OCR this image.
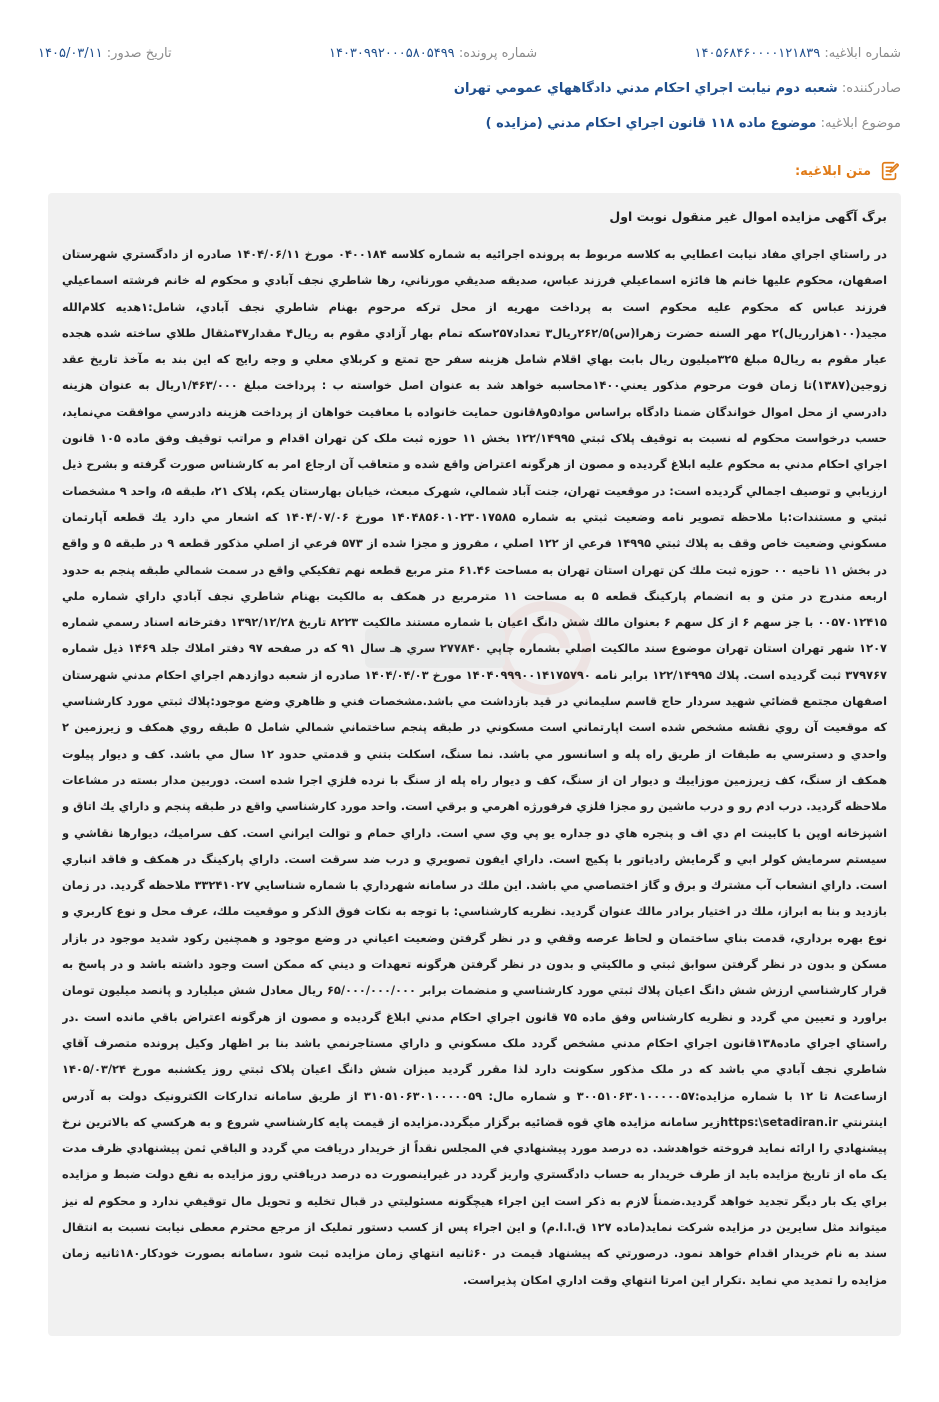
شماره ابلاغيه: ۱۴۰۵۶۸۴۶۰۰۰۰۱۲۱۸۳۹
شماره پرونده: ۱۴۰۳۰۹۹۲۰۰۰۵۸۰۵۴۹۹
تاريخ صدور: ۱۴۰۵/۰۳/۱۱
صادرکننده: شعبه دوم نيابت اجراي احكام مدني دادگاههاي عمومي تهران
موضوع ابلاغيه: موضوع ماده ۱۱۸ قانون اجراي احکام مدني (مزايده )
متن ابلاغيه:

برگ آگهی مزايده اموال غير منقول نوبت اول

در راستاي اجراي مفاد نيابت اعطايي به کلاسه مربوط به پرونده اجرائيه به شماره کلاسه ۰۴۰۰۱۸۴ مورخ ۱۴۰۴/۰۶/۱۱ صادره از دادگستري شهرستان اصفهان، محکوم عليها خانم ها فائزه اسماعيلي فرزند عباس، صديقه صديقي مورناني، رها شاطري نجف آبادي و محکوم له خانم فرشته اسماعيلي فرزند عباس که محکوم عليه محکوم است به پرداخت مهريه از محل ترکه مرحوم بهنام شاطري نجف آبادي، شامل:۱هديه كلام‌الله مجيد(۱۰۰هزارريال)۲ مهر السنه حضرت زهرا(س)۲۶۲/۵ريال۳ تعداد۲۵۷سکه تمام بهار آزادي مقوم به ريال۴ مقدار۴۷مثقال طلاي ساخته شده هجده عيار مقوم به ريال۵ مبلغ ۳۲۵ميليون ريال بابت بهاي اقلام شامل هزينه سفر حج تمتع و کربلاي معلي و وجه رايج که اين بند به مآخذ تاريخ عقد زوجين(۱۳۸۷)تا زمان فوت مرحوم مذكور يعني۱۴۰۰محاسبه خواهد شد به عنوان اصل خواسته ب : پرداخت مبلغ ۱/۴۶۳/۰۰۰ريال به عنوان هزينه دادرسي از محل اموال خواندگان ضمنا دادگاه براساس مواد۵و۸قانون حمايت خانواده با معافيت خواهان از پرداخت هزينه دادرسي موافقت مي‌نمايد، حسب درخواست محکوم له نسبت به توقيف پلاک ثبتي ۱۲۲/۱۴۹۹۵ بخش ۱۱ حوزه ثبت ملک کن تهران اقدام و مراتب توقيف وفق ماده ۱۰۵ قانون اجراي احکام مدني به محکوم عليه ابلاغ گرديده و مصون از هرگونه اعتراض واقع شده و متعاقب آن ارجاع امر به کارشناس صورت گرفته و بشرح ذيل ارزيابي و توصيف اجمالي گرديده است: در موقعيت تهران، جنت آباد شمالي، شهرک مبعث، خيابان بهارستان يکم، پلاک ۲۱، طبقه ۵، واحد ۹ مشخصات ثبتي و مستندات:با ملاحظه تصوير نامه وضعيت ثبتي به شماره ۱۴۰۴۸۵۶۰۱۰۲۳۰۱۷۵۸۵ مورخ ۱۴۰۴/۰۷/۰۶ که اشعار مي دارد يك قطعه آپارتمان مسکوني وضعيت خاص وقف به پلاك ثبتي ۱۴۹۹۵ فرعي از ۱۲۲ اصلي ، مفروز و مجزا شده از ۵۷۳ فرعي از اصلي مذكور قطعه ۹ در طبقه ۵ و واقع در بخش ۱۱ ناحيه ۰۰ حوزه ثبت ملك كن تهران استان تهران به مساحت ۶۱.۴۶ متر مربع قطعه نهم تفكيكي واقع در سمت شمالي طبقه پنجم به حدود اربعه مندرج در متن و به انضمام پاركينگ قطعه ۵ به مساحت ۱۱ مترمربع در همكف به مالكيت بهنام شاطري نجف آبادي داراي شماره ملي ۰۰۵۷۰۱۲۴۱۵ با جز سهم ۶ از كل سهم ۶ بعنوان مالك شش دانگ اعيان با شماره مستند مالكيت ۸۲۲۳ تاريخ ۱۳۹۲/۱۲/۲۸ دفترخانه اسناد رسمي شماره ۱۲۰۷ شهر تهران استان تهران موضوع سند مالكيت اصلي بشماره چاپي ۲۷۷۸۴۰ سري هـ سال ۹۱ كه در صفحه ۹۷ دفتر املاك جلد ۱۴۶۹ ذيل شماره ۳۷۹۷۶۷ ثبت گرديده است. پلاك ۱۲۲/۱۴۹۹۵ برابر نامه ۱۴۰۴۰۹۹۹۰۰۱۴۱۷۵۷۹۰ مورخ ۱۴۰۴/۰۴/۰۳ صادره از شعبه دوازدهم اجراي احكام مدني شهرستان اصفهان مجتمع قضائي شهيد سردار حاج قاسم سليماني در قيد بازداشت مي باشد.مشخصات فني و ظاهري وضع موجود:پلاك ثبتي مورد كارشناسي كه موقعيت آن روي نقشه مشخص شده است اپارتماني است مسكوني در طبقه پنجم ساختماني شمالي شامل ۵ طبقه روي همكف و زيرزمين ۲ واحدي و دسترسي به طبقات از طريق راه پله و اسانسور مي باشد. نما سنگ، اسكلت بتني و قدمتي حدود ۱۲ سال مي باشد. كف و ديوار پيلوت همكف از سنگ، كف زيرزمين موزاييك و ديوار ان از سنگ، كف و ديوار راه پله از سنگ با نرده فلزي اجرا شده است. دوربين مدار بسته در مشاعات ملاحظه گرديد. درب ادم رو و درب ماشين رو مجزا فلزي فرفورژه اهرمي و برقي است. واحد مورد كارشناسي واقع در طبقه پنجم و داراي يك اتاق و اشپزخانه اوپن با كابينت ام دي اف و پنجره هاي دو جداره يو پي وي سي است. داراي حمام و توالت ايراني است. كف سراميك، ديوارها نقاشي و سيستم سرمايش كولر ابي و گرمايش رادياتور با پكيج است. داراي ايفون تصويري و درب ضد سرقت است. داراي پاركينگ در همكف و فاقد انباري است. داراي انشعاب آب مشترك و برق و گاز اختصاصي مي باشد. اين ملك در سامانه شهرداري با شماره شناسايي ۳۳۲۴۱۰۲۷ ملاحظه گرديد. در زمان بازديد و بنا به ابراز، ملك در اختيار برادر مالك عنوان گرديد. نظريه كارشناسي: با توجه به نكات فوق الذكر و موقعيت ملك، عرف محل و نوع كاربري و نوع بهره برداري، قدمت بناي ساختمان و لحاظ عرصه وقفي و در نظر گرفتن وضعيت اعياني در وضع موجود و همچنين ركود شديد موجود در بازار مسكن و بدون در نظر گرفتن سوابق ثبتي و مالكيتي و بدون در نظر گرفتن هرگونه تعهدات و ديني كه ممكن است وجود داشته باشد و در پاسخ به قرار كارشناسي ارزش شش دانگ اعيان پلاك ثبتي مورد كارشناسي و منضمات برابر ۶۵/۰۰۰/۰۰۰/۰۰۰ ريال معادل شش ميليارد و پانصد ميليون تومان براورد و تعيين مي گردد و نظريه کارشناس وفق ماده ۷۵ قانون اجراي احکام مدني ابلاغ گرديده و مصون از هرگونه اعتراض باقي مانده است .در راستاي اجراي ماده۱۳۸قانون اجراي احکام مدني مشخص گردد ملک مسکوني و داراي مستاجرنمي باشد بنا بر اظهار وکيل پرونده متصرف آقاي شاطري نجف آبادي مي باشد که در ملک مذکور سکونت دارد لذا مقرر گرديد ميزان شش دانگ اعيان پلاک ثبتي روز يكشنبه مورخ ۱۴۰۵/۰۳/۲۴ ازساعت۸ تا ۱۲ با شماره مزايده:۳۰۰۵۱۰۶۳۰۱۰۰۰۰۰۵۷ و شماره مال: ۳۱۰۵۱۰۶۳۰۱۰۰۰۰۰۵۹ از طريق سامانه تدارکات الکترونيک دولت به آدرس اينترنتي https:\setadiran.irزير سامانه مزايده هاي قوه قضائيه برگزار ميگردد.مزايده از قيمت پايه کارشناسي شروع و به هرکسي که بالاترين نرخ پيشنهادي را ارائه نمايد فروخته خواهدشد. ده درصد مورد پيشنهادي في المجلس نقداً از خريدار دريافت مي گردد و الباقي ثمن پيشنهادي ظرف مدت يک ماه از تاريخ مزايده بايد از طرف خريدار به حساب دادگستري واريز گردد در غيراينصورت ده درصد دريافتي روز مزايده به نفع دولت ضبط و مزايده براي يک بار ديگر تجديد خواهد گرديد.ضمناً لازم به ذکر است اين اجراء هيچگونه مسئوليتي در قبال تخليه و تحويل مال توقيفي ندارد و محکوم له نيز ميتواند مثل سايرين در مزايده شرکت نمايد(ماده ۱۲۷ ق.ا.ا.م) و اين اجراء پس از کسب دستور تمليک از مرجع محترم معطی نيابت نسبت به انتقال سند به نام خريدار اقدام خواهد نمود. درصورتي كه پيشنهاد قيمت در ۶۰ثانيه انتهاي زمان مزايده ثبت شود ،سامانه بصورت خودكار۱۸۰ثانيه زمان مزايده را تمديد مي نمايد .تكرار اين امرتا انتهاي وقت اداري امكان پذيراست.
